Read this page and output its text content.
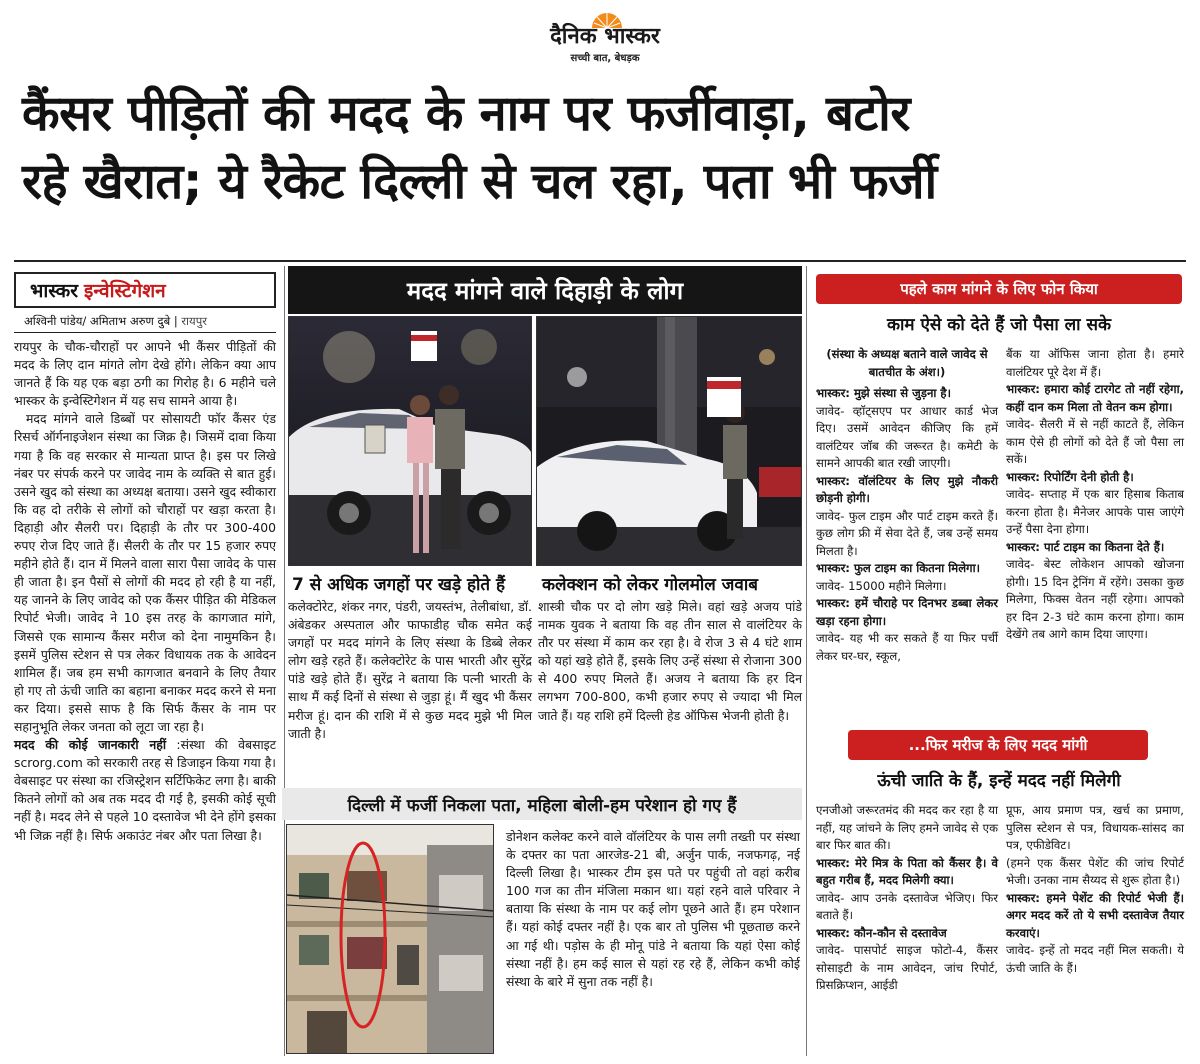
दैनिक भास्कर
सच्ची बात, बेधड़क
कैंसर पीड़ितों की मदद के नाम पर फर्जीवाड़ा, बटोर
रहे खैरात; ये रैकेट दिल्ली से चल रहा, पता भी फर्जी
भास्कर इन्वेस्टिगेशन
अश्विनी पांडेय/ अमिताभ अरुण दुबे | रायपुर

रायपुर के चौक-चौराहों पर आपने भी कैंसर पीड़ितों की मदद के लिए दान मांगते लोग देखे होंगे। लेकिन क्या आप जानते हैं कि यह एक बड़ा ठगी का गिरोह है। 6 महीने चले भास्कर के इन्वेस्टिगेशन में यह सच सामने आया है।

मदद मांगने वाले डिब्बों पर सोसायटी फॉर कैंसर एंड रिसर्च ऑर्गनाइजेशन संस्था का जिक्र है। जिसमें दावा किया गया है कि वह सरकार से मान्यता प्राप्त है। इस पर लिखे नंबर पर संपर्क करने पर जावेद नाम के व्यक्ति से बात हुई। उसने खुद को संस्था का अध्यक्ष बताया। उसने खुद स्वीकारा कि वह दो तरीके से लोगों को चौराहों पर खड़ा करता है। दिहाड़ी और सैलरी पर। दिहाड़ी के तौर पर 300-400 रुपए रोज दिए जाते हैं। सैलरी के तौर पर 15 हजार रुपए महीने होते हैं। दान में मिलने वाला सारा पैसा जावेद के पास ही जाता है। इन पैसों से लोगों की मदद हो रही है या नहीं, यह जानने के लिए जावेद को एक कैंसर पीड़ित की मेडिकल रिपोर्ट भेजी। जावेद ने 10 इस तरह के कागजात मांगे, जिससे एक सामान्य कैंसर मरीज को देना नामुमकिन है। इसमें पुलिस स्टेशन से पत्र लेकर विधायक तक के आवेदन शामिल हैं। जब हम सभी कागजात बनवाने के लिए तैयार हो गए तो ऊंची जाति का बहाना बनाकर मदद करने से मना कर दिया। इससे साफ है कि सिर्फ कैंसर के नाम पर सहानुभूति लेकर जनता को लूटा जा रहा है।

मदद की कोई जानकारी नहीं :संस्था की वेबसाइट scrorg.com को सरकारी तरह से डिजाइन किया गया है। वेबसाइट पर संस्था का रजिस्ट्रेशन सर्टिफिकेट लगा है। बाकी कितने लोगों को अब तक मदद दी गई है, इसकी कोई सूची नहीं है। मदद लेने से पहले 10 दस्तावेज भी देने होंगे इसका भी जिक्र नहीं है। सिर्फ अकाउंट नंबर और पता लिखा है।

मदद मांगने वाले दिहाड़ी के लोग
7 से अधिक जगहों पर खड़े होते हैं	कलेक्शन को लेकर गोलमोल जवाब
कलेक्टोरेट, शंकर नगर, पंडरी, जयस्तंभ, तेलीबांधा, डॉ. अंबेडकर अस्पताल और फाफाडीह चौक समेत कई जगहों पर मदद मांगने के लिए संस्था के डिब्बे लेकर लोग खड़े रहते हैं। कलेक्टोरेट के पास भारती और सुरेंद्र पांडे खड़े होते हैं। सुरेंद्र ने बताया कि पत्नी भारती के साथ मैं कई दिनों से संस्था से जुड़ा हूं। मैं खुद भी कैंसर मरीज हूं। दान की राशि में से कुछ मदद मुझे भी मिल जाती है।
शास्त्री चौक पर दो लोग खड़े मिले। वहां खड़े अजय पांडे नामक युवक ने बताया कि वह तीन साल से वालंटियर के तौर पर संस्था में काम कर रहा है। वे रोज 3 से 4 घंटे शाम को यहां खड़े होते हैं, इसके लिए उन्हें संस्था से रोजाना 300 से 400 रुपए मिलते हैं। अजय ने बताया कि हर दिन लगभग 700-800, कभी हजार रुपए से ज्यादा भी मिल जाते हैं। यह राशि हमें दिल्ली हेड ऑफिस भेजनी होती है।
दिल्ली में फर्जी निकला पता, महिला बोली-हम परेशान हो गए हैं
डोनेशन कलेक्ट करने वाले वॉलंटियर के पास लगी तख्ती पर संस्था के दफ्तर का पता आरजेड-21 बी, अर्जुन पार्क, नजफगढ़, नई दिल्ली लिखा है। भास्कर टीम इस पते पर पहुंची तो वहां करीब 100 गज का तीन मंजिला मकान था। यहां रहने वाले परिवार ने बताया कि संस्था के नाम पर कई लोग पूछने आते हैं। हम परेशान हैं। यहां कोई दफ्तर नहीं है। एक बार तो पुलिस भी पूछताछ करने आ गई थी। पड़ोस के ही मोनू पांडे ने बताया कि यहां ऐसा कोई संस्था नहीं है। हम कई साल से यहां रह रहे हैं, लेकिन कभी कोई संस्था के बारे में सुना तक नहीं है।
पहले काम मांगने के लिए फोन किया
काम ऐसे को देते हैं जो पैसा ला सके
(संस्था के अध्यक्ष बताने वाले जावेद से बातचीत के अंश।)
भास्कर: मुझे संस्था से जुड़ना है।
जावेद- व्हॉट्सएप पर आधार कार्ड भेज दिए। उसमें आवेदन कीजिए कि हमें वालंटियर जॉब की जरूरत है। कमेटी के सामने आपकी बात रखी जाएगी।
भास्कर: वॉलंटियर के लिए मुझे नौकरी छोड़नी होगी।
जावेद- फुल टाइम और पार्ट टाइम करते हैं। कुछ लोग फ्री में सेवा देते हैं, जब उन्हें समय मिलता है।
भास्कर: फुल टाइम का कितना मिलेगा।
जावेद- 15000 महीने मिलेगा।
भास्कर: हमें चौराहे पर दिनभर डब्बा लेकर खड़ा रहना होगा।
जावेद- यह भी कर सकते हैं या फिर पर्ची लेकर घर-घर, स्कूल,
बैंक या ऑफिस जाना होता है। हमारे वालंटियर पूरे देश में हैं।
भास्कर: हमारा कोई टारगेट तो नहीं रहेगा, कहीं दान कम मिला तो वेतन कम होगा।
जावेद- सैलरी में से नहीं काटते हैं, लेकिन काम ऐसे ही लोगों को देते हैं जो पैसा ला सकें।
भास्कर: रिपोर्टिंग देनी होती है।
जावेद- सप्ताह में एक बार हिसाब किताब करना होता है। मैनेजर आपके पास जाएंगे उन्हें पैसा देना होगा।
भास्कर: पार्ट टाइम का कितना देते हैं।
जावेद- बेस्ट लोकेशन आपको खोजना होगी। 15 दिन ट्रेनिंग में रहेंगे। उसका कुछ मिलेगा, फिक्स वेतन नहीं रहेगा। आपको हर दिन 2-3 घंटे काम करना होगा। काम देखेंगे तब आगे काम दिया जाएगा।
...फिर मरीज के लिए मदद मांगी
ऊंची जाति के हैं, इन्हें मदद नहीं मिलेगी
एनजीओ जरूरतमंद की मदद कर रहा है या नहीं, यह जांचने के लिए हमने जावेद से एक बार फिर बात की।
भास्कर: मेरे मित्र के पिता को कैंसर है। वे बहुत गरीब हैं, मदद मिलेगी क्या।
जावेद- आप उनके दस्तावेज भेजिए। फिर बताते हैं।
भास्कर: कौन-कौन से दस्तावेज
जावेद- पासपोर्ट साइज फोटो-4, कैंसर सोसाइटी के नाम आवेदन, जांच रिपोर्ट, प्रिसक्रिप्शन, आईडी
प्रूफ, आय प्रमाण पत्र, खर्च का प्रमाण, पुलिस स्टेशन से पत्र, विधायक-सांसद का पत्र, एफीडेविट।
(हमने एक कैंसर पेशेंट की जांच रिपोर्ट भेजी। उनका नाम सैय्यद से शुरू होता है।)
भास्कर: हमने पेशेंट की रिपोर्ट भेजी हैं। अगर मदद करें तो ये सभी दस्तावेज तैयार करवाएं।
जावेद- इन्हें तो मदद नहीं मिल सकती। ये ऊंची जाति के हैं।
